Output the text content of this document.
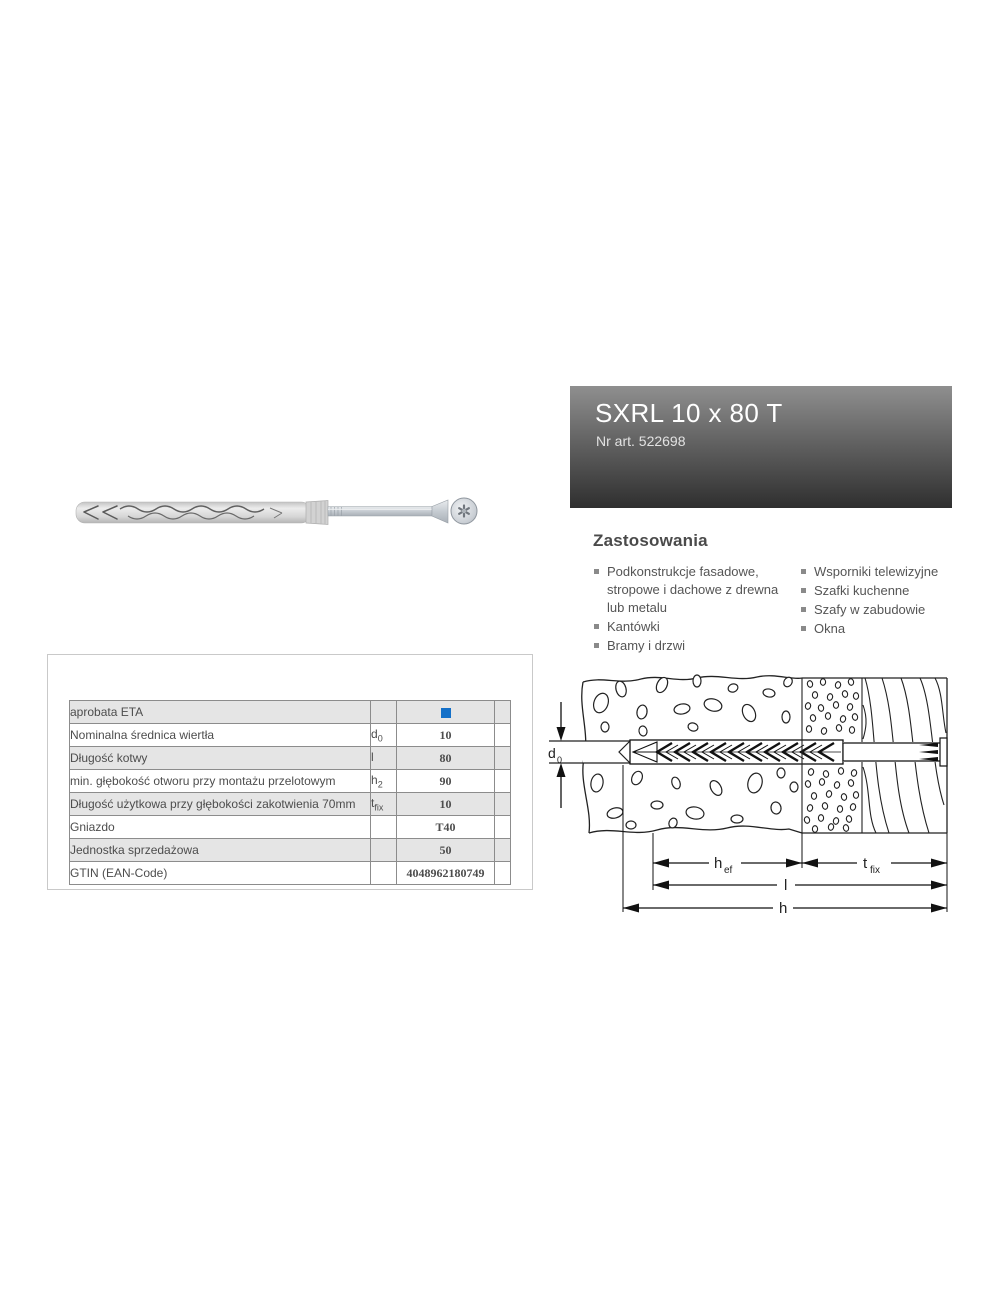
SXRL 10 x 80 T
Nr art. 522698
Zastosowania
Podkonstrukcje fasadowe, stropowe i dachowe z drewna lub metalu
Kantówki
Bramy i drzwi
Wsporniki telewizyjne
Szafki kuchenne
Szafy w zabudowie
Okna
aprobata ETA			
Nominalna średnica wiertła	$d_0$	10	
Długość kotwy	l	80	
min. głębokość otworu przy montażu przelotowym	$h_2$	90	
Długość użytkowa przy głębokości zakotwienia 70mm	$t_{fix}$	10	
Gniazdo		T40	
Jednostka sprzedażowa		50	
GTIN (EAN-Code)		4048962180749	
d 0
h ef	t fix
l
h
